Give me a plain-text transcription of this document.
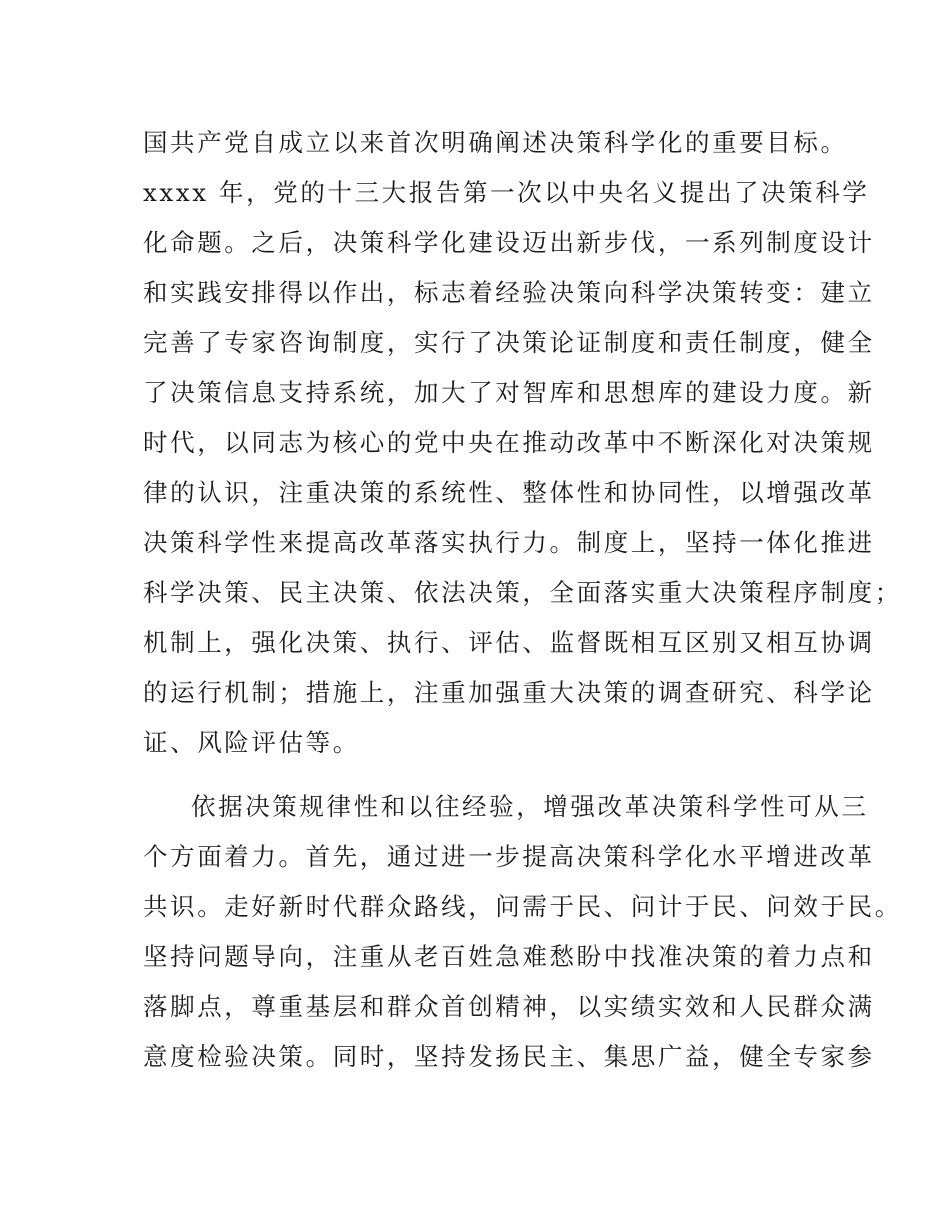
国共产党自成立以来首次明确阐述决策科学化的重要目标。
xxxx 年，党的十三大报告第一次以中央名义提出了决策科学
化命题。之后，决策科学化建设迈出新步伐，一系列制度设计
和实践安排得以作出，标志着经验决策向科学决策转变：建立
完善了专家咨询制度，实行了决策论证制度和责任制度，健全
了决策信息支持系统，加大了对智库和思想库的建设力度。新
时代，以同志为核心的党中央在推动改革中不断深化对决策规
律的认识，注重决策的系统性、整体性和协同性，以增强改革
决策科学性来提高改革落实执行力。制度上，坚持一体化推进
科学决策、民主决策、依法决策，全面落实重大决策程序制度；
机制上，强化决策、执行、评估、监督既相互区别又相互协调
的运行机制；措施上，注重加强重大决策的调查研究、科学论
证、风险评估等。
依据决策规律性和以往经验，增强改革决策科学性可从三
个方面着力。首先，通过进一步提高决策科学化水平增进改革
共识。走好新时代群众路线，问需于民、问计于民、问效于民。
坚持问题导向，注重从老百姓急难愁盼中找准决策的着力点和
落脚点，尊重基层和群众首创精神，以实绩实效和人民群众满
意度检验决策。同时，坚持发扬民主、集思广益，健全专家参
